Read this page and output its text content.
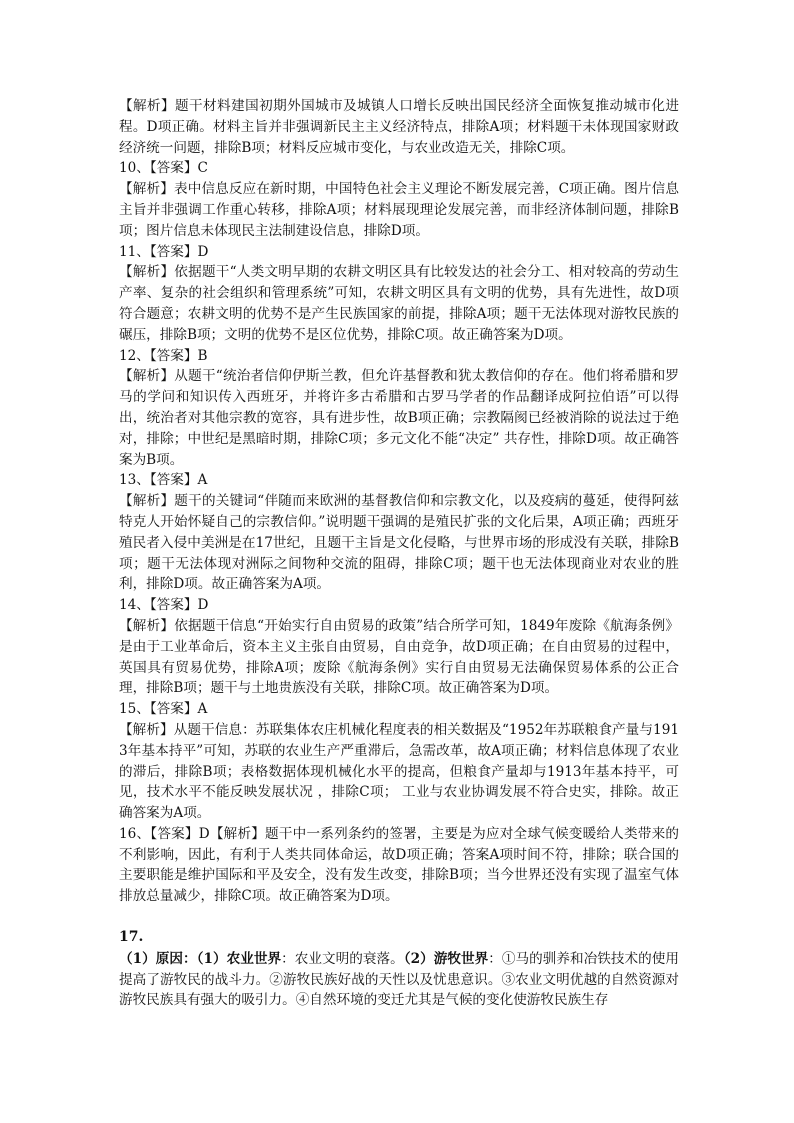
【解析】题干材料建国初期外国城市及城镇人口增长反映出国民经济全面恢复推动城市化进程。D项正确。材料主旨并非强调新民主主义经济特点，排除A项；材料题干未体现国家财政经济统一问题，排除B项；材料反应城市变化，与农业改造无关，排除C项。

10、【答案】C

【解析】表中信息反应在新时期，中国特色社会主义理论不断发展完善，C项正确。图片信息主旨并非强调工作重心转移，排除A项；材料展现理论发展完善，而非经济体制问题，排除B项；图片信息未体现民主法制建设信息，排除D项。

11、【答案】D

【解析】依据题干“人类文明早期的农耕文明区具有比较发达的社会分工、相对较高的劳动生产率、复杂的社会组织和管理系统”可知，农耕文明区具有文明的优势，具有先进性，故D项符合题意；农耕文明的优势不是产生民族国家的前提，排除A项；题干无法体现对游牧民族的碾压，排除B项；文明的优势不是区位优势，排除C项。故正确答案为D项。

12、【答案】B

【解析】从题干“统治者信仰伊斯兰教，但允许基督教和犹太教信仰的存在。他们将希腊和罗马的学问和知识传入西班牙，并将许多古希腊和古罗马学者的作品翻译成阿拉伯语”可以得出，统治者对其他宗教的宽容，具有进步性，故B项正确；宗教隔阂已经被消除的说法过于绝对，排除；中世纪是黑暗时期，排除C项；多元文化不能“决定” 共存性，排除D项。故正确答案为B项。

13、【答案】A

【解析】题干的关键词“伴随而来欧洲的基督教信仰和宗教文化，以及疫病的蔓延，使得阿兹特克人开始怀疑自己的宗教信仰。”说明题干强调的是殖民扩张的文化后果，A项正确；西班牙殖民者入侵中美洲是在17世纪，且题干主旨是文化侵略，与世界市场的形成没有关联，排除B项；题干无法体现对洲际之间物种交流的阻碍，排除C项；题干也无法体现商业对农业的胜利，排除D项。故正确答案为A项。

14、【答案】D

【解析】依据题干信息“开始实行自由贸易的政策”结合所学可知，1849年废除《航海条例》是由于工业革命后，资本主义主张自由贸易，自由竞争，故D项正确；在自由贸易的过程中，英国具有贸易优势，排除A项；废除《航海条例》实行自由贸易无法确保贸易体系的公正合理，排除B项；题干与土地贵族没有关联，排除C项。故正确答案为D项。

15、【答案】A

【解析】从题干信息：苏联集体农庄机械化程度表的相关数据及“1952年苏联粮食产量与1913年基本持平”可知，苏联的农业生产严重滞后，急需改革，故A项正确；材料信息体现了农业的滞后，排除B项；表格数据体现机械化水平的提高，但粮食产量却与1913年基本持平，可见，技术水平不能反映发展状况 ，排除C项； 工业与农业协调发展不符合史实，排除。故正确答案为A项。

16、【答案】D【解析】题干中一系列条约的签署，主要是为应对全球气候变暖给人类带来的不利影响，因此，有利于人类共同体命运，故D项正确；答案A项时间不符，排除；联合国的主要职能是维护国际和平及安全，没有发生改变，排除B项；当今世界还没有实现了温室气体排放总量减少，排除C项。故正确答案为D项。

17.

（1）原因：（1）农业世界：农业文明的衰落。（2）游牧世界：①马的驯养和冶铁技术的使用提高了游牧民的战斗力。②游牧民族好战的天性以及忧患意识。③农业文明优越的自然资源对游牧民族具有强大的吸引力。④自然环境的变迁尤其是气候的变化使游牧民族生存
